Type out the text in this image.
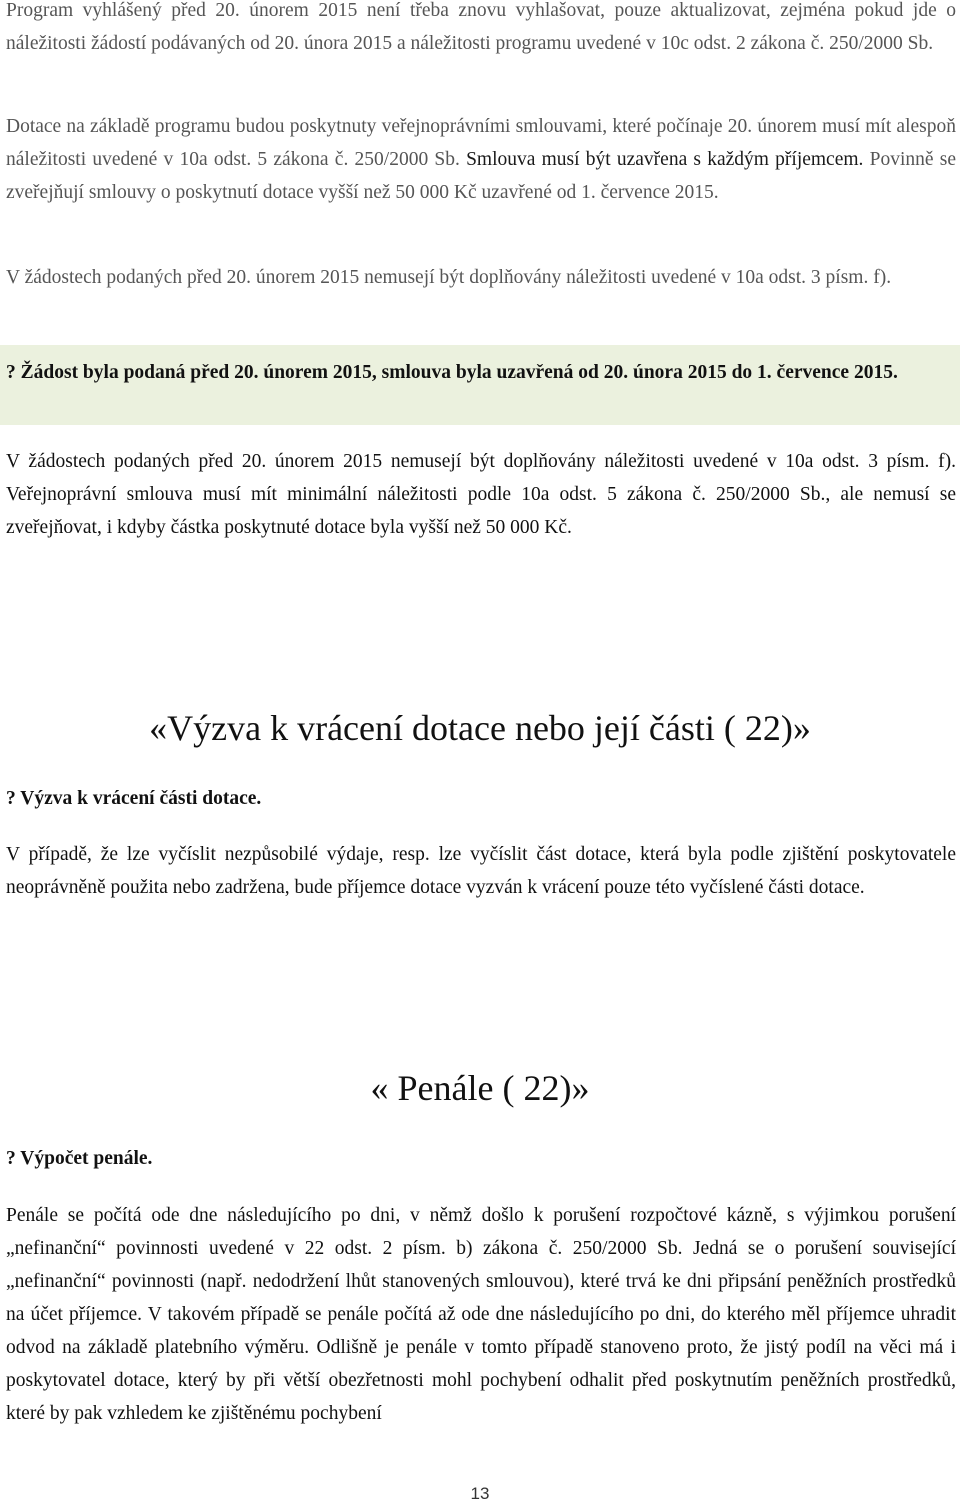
Program vyhlášený před 20. únorem 2015 není třeba znovu vyhlašovat, pouze aktualizovat, zejména pokud jde o náležitosti žádostí podávaných od 20. února 2015 a náležitosti programu uvedené v 10c odst. 2 zákona č. 250/2000 Sb.

Dotace na základě programu budou poskytnuty veřejnoprávními smlouvami, které počínaje 20. únorem musí mít alespoň náležitosti uvedené v 10a odst. 5 zákona č. 250/2000 Sb. Smlouva musí být uzavřena s každým příjemcem. Povinně se zveřejňují smlouvy o poskytnutí dotace vyšší než 50 000 Kč uzavřené od 1. července 2015.

V žádostech podaných před 20. únorem 2015 nemusejí být doplňovány náležitosti uvedené v 10a odst. 3 písm. f).

? Žádost byla podaná před 20. únorem 2015, smlouva byla uzavřená od 20. února 2015 do 1. července 2015.

V žádostech podaných před 20. únorem 2015 nemusejí být doplňovány náležitosti uvedené v 10a odst. 3 písm. f). Veřejnoprávní smlouva musí mít minimální náležitosti podle 10a odst. 5 zákona č. 250/2000 Sb., ale nemusí se zveřejňovat, i kdyby částka poskytnuté dotace byla vyšší než 50 000 Kč.

«Výzva k vrácení dotace nebo její části ( 22)»

? Výzva k vrácení části dotace.

V případě, že lze vyčíslit nezpůsobilé výdaje, resp. lze vyčíslit část dotace, která byla podle zjištění poskytovatele neoprávněně použita nebo zadržena, bude příjemce dotace vyzván k vrácení pouze této vyčíslené části dotace.

« Penále ( 22)»

? Výpočet penále.

Penále se počítá ode dne následujícího po dni, v němž došlo k porušení rozpočtové kázně, s výjimkou porušení „nefinanční“ povinnosti uvedené v 22 odst. 2 písm. b) zákona č. 250/2000 Sb. Jedná se o porušení související „nefinanční“ povinnosti (např. nedodržení lhůt stanovených smlouvou), které trvá ke dni připsání peněžních prostředků na účet příjemce. V takovém případě se penále počítá až ode dne následujícího po dni, do kterého měl příjemce uhradit odvod na základě platebního výměru. Odlišně je penále v tomto případě stanoveno proto, že jistý podíl na věci má i poskytovatel dotace, který by při větší obezřetnosti mohl pochybení odhalit před poskytnutím peněžních prostředků, které by pak vzhledem ke zjištěnému pochybení

13
